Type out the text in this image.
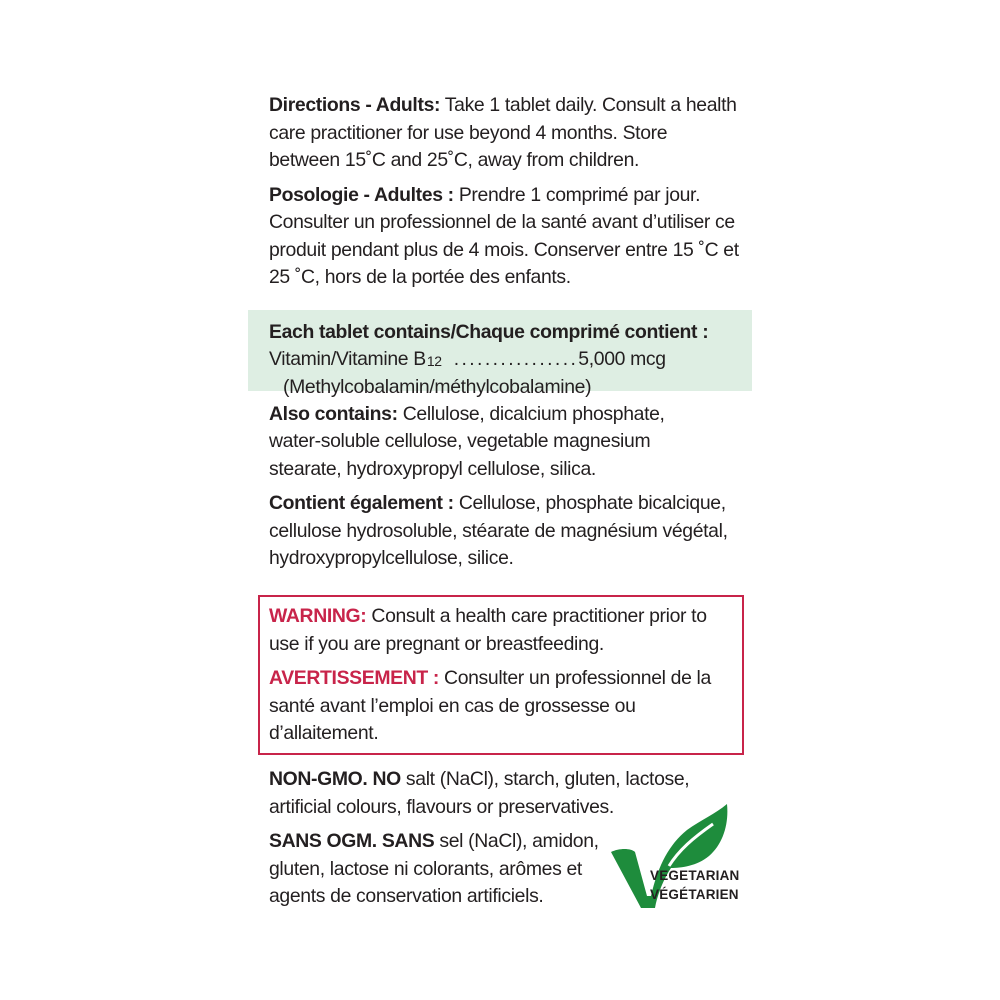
Directions - Adults: Take 1 tablet daily. Consult a health care practitioner for use beyond 4 months. Store between 15˚C and 25˚C, away from children.

Posologie - Adultes : Prendre 1 comprimé par jour. Consulter un professionnel de la santé avant d’utiliser ce produit pendant plus de 4 mois. Conserver entre 15 ˚C et 25 ˚C, hors de la portée des enfants.

Each tablet contains/Chaque comprimé contient :

Vitamin/Vitamine B 12 ................ 5,000 mcg
(Methylcobalamin/méthylcobalamine)

Also contains: Cellulose, dicalcium phosphate, water-soluble cellulose, vegetable magnesium stearate, hydroxypropyl cellulose, silica.

Contient également : Cellulose, phosphate bicalcique, cellulose hydrosoluble, stéarate de magnésium végétal, hydroxypropylcellulose, silice.

WARNING: Consult a health care practitioner prior to use if you are pregnant or breastfeeding.

AVERTISSEMENT : Consulter un professionnel de la santé avant l’emploi en cas de grossesse ou d’allaitement.

NON-GMO. NO salt (NaCl), starch, gluten, lactose, artificial colours, flavours or preservatives.

SANS OGM. SANS sel (NaCl), amidon, gluten, lactose ni colorants, arômes et agents de conservation artificiels.

VEGETARIAN
VÉGÉTARIEN
